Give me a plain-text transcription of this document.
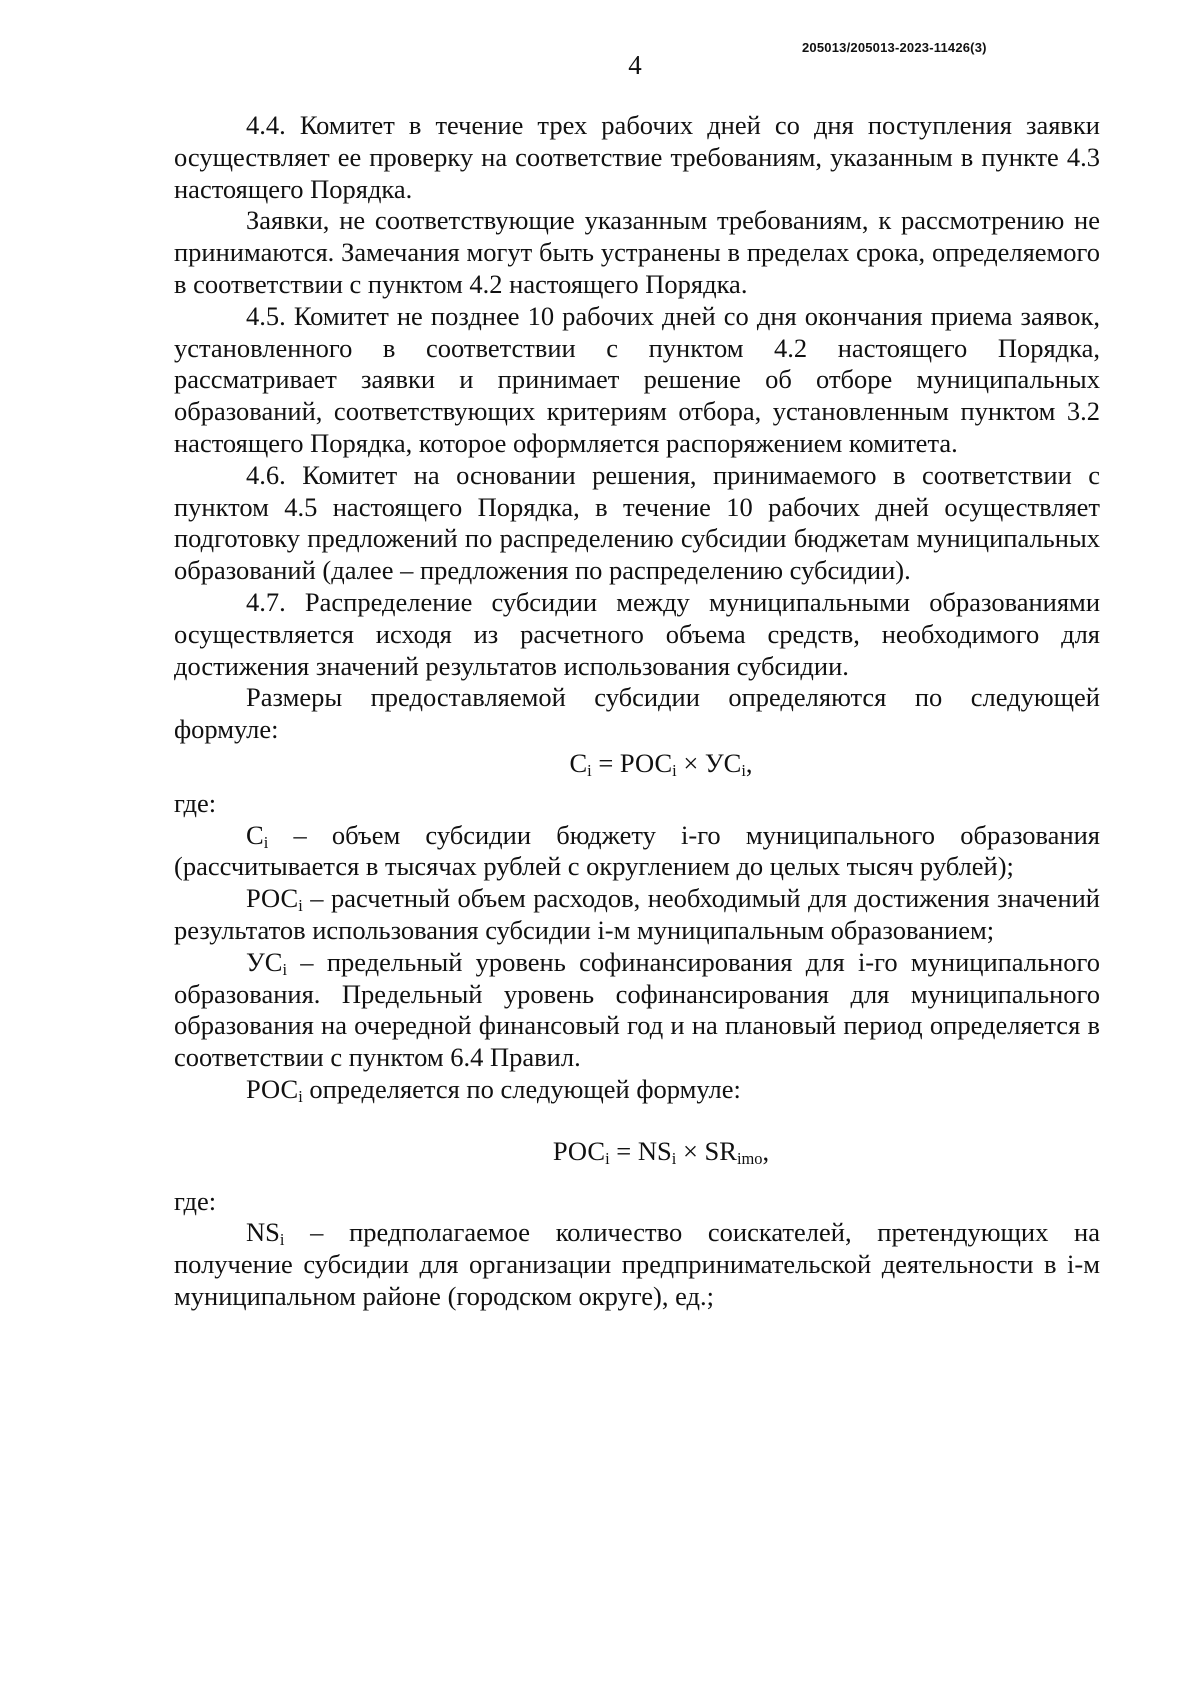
4
205013/205013-2023-11426(3)

4.4. Комитет в течение трех рабочих дней со дня поступления заявки осуществляет ее проверку на соответствие требованиям, указанным в пункте 4.3 настоящего Порядка.

Заявки, не соответствующие указанным требованиям, к рассмотрению не принимаются. Замечания могут быть устранены в пределах срока, определяемого в соответствии с пунктом 4.2 настоящего Порядка.

4.5. Комитет не позднее 10 рабочих дней со дня окончания приема заявок, установленного в соответствии с пунктом 4.2 настоящего Порядка, рассматривает заявки и принимает решение об отборе муниципальных образований, соответствующих критериям отбора, установленным пунктом 3.2 настоящего Порядка, которое оформляется распоряжением комитета.

4.6. Комитет на основании решения, принимаемого в соответствии с пунктом 4.5 настоящего Порядка, в течение 10 рабочих дней осуществляет подготовку предложений по распределению субсидии бюджетам муниципальных образований (далее – предложения по распределению субсидии).

4.7. Распределение субсидии между муниципальными образованиями осуществляется исходя из расчетного объема средств, необходимого для достижения значений результатов использования субсидии.

Размеры предоставляемой субсидии определяются по следующей формуле:

$C_i = РОС_i \times УС_i$,

где:

$C_i$ – объем субсидии бюджету i-го муниципального образования (рассчитывается в тысячах рублей с округлением до целых тысяч рублей);

$РОС_i$ – расчетный объем расходов, необходимый для достижения значений результатов использования субсидии i-м муниципальным образованием;

$УС_i$ – предельный уровень софинансирования для i-го муниципального образования. Предельный уровень софинансирования для муниципального образования на очередной финансовый год и на плановый период определяется в соответствии с пунктом 6.4 Правил.

$РОС_i$ определяется по следующей формуле:

$РОС_i = NS_i \times SR_{imo}$,

где:

$NS_i$ – предполагаемое количество соискателей, претендующих на получение субсидии для организации предпринимательской деятельности в i-м муниципальном районе (городском округе), ед.;
